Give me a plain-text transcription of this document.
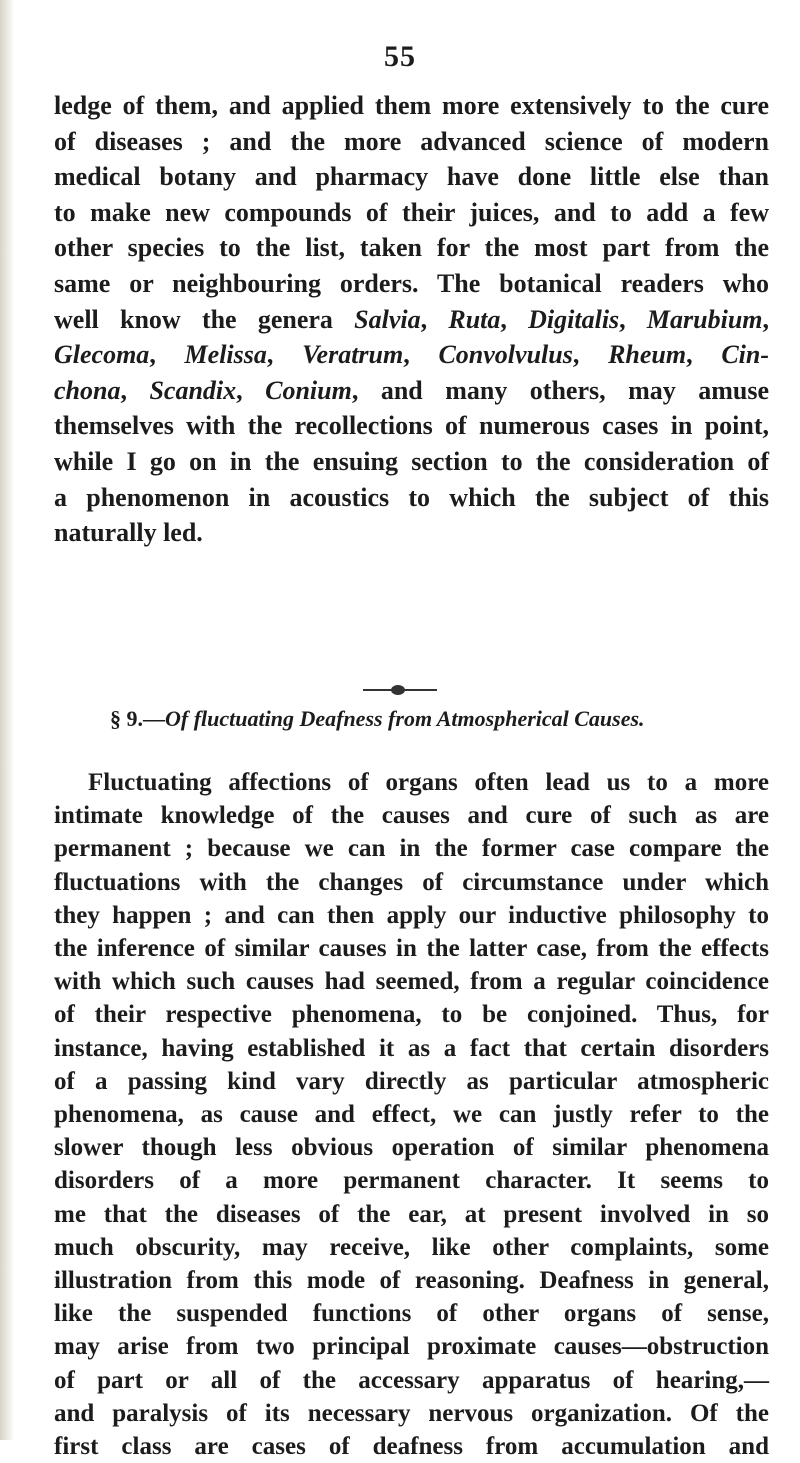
55
ledge of them, and applied them more extensively to the cure
of diseases ; and the more advanced science of modern
medical botany and pharmacy have done little else than
to make new compounds of their juices, and to add a few
other species to the list, taken for the most part from the
same or neighbouring orders. The botanical readers who
well know the genera Salvia, Ruta, Digitalis, Marubium,
Glecoma, Melissa, Veratrum, Convolvulus, Rheum, Cin-
chona, Scandix, Conium, and many others, may amuse
themselves with the recollections of numerous cases in point,
while I go on in the ensuing section to the consideration of
a phenomenon in acoustics to which the subject of this
naturally led.
§ 9.—Of fluctuating Deafness from Atmospherical Causes.
Fluctuating affections of organs often lead us to a more
intimate knowledge of the causes and cure of such as are
permanent ; because we can in the former case compare the
fluctuations with the changes of circumstance under which
they happen ; and can then apply our inductive philosophy to
the inference of similar causes in the latter case, from the effects
with which such causes had seemed, from a regular coincidence
of their respective phenomena, to be conjoined. Thus, for
instance, having established it as a fact that certain disorders
of a passing kind vary directly as particular atmospheric
phenomena, as cause and effect, we can justly refer to the
slower though less obvious operation of similar phenomena
disorders of a more permanent character. It seems to
me that the diseases of the ear, at present involved in so
much obscurity, may receive, like other complaints, some
illustration from this mode of reasoning. Deafness in general,
like the suspended functions of other organs of sense,
may arise from two principal proximate causes—obstruction
of part or all of the accessary apparatus of hearing,—
and paralysis of its necessary nervous organization. Of the
first class are cases of deafness from accumulation and
